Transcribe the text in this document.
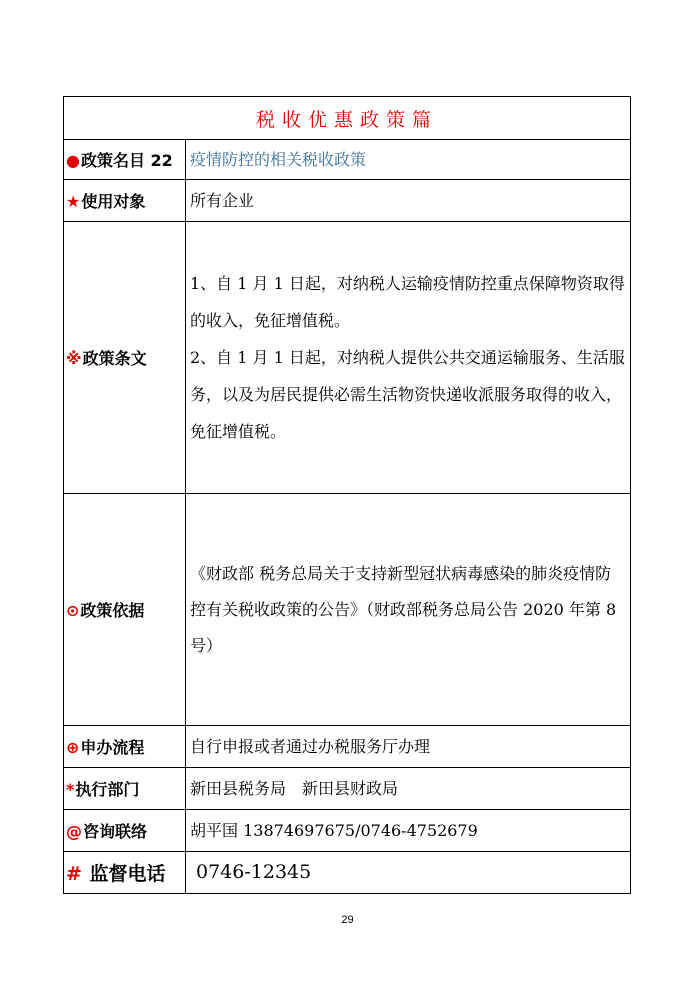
税收优惠政策篇	
●政策名目 22	疫情防控的相关税收政策
★使用对象	所有企业
※政策条文	1、自 1 月 1 日起，对纳税人运输疫情防控重点保障物资取得的收入，免征增值税。

2、自 1 月 1 日起，对纳税人提供公共交通运输服务、生活服务，以及为居民提供必需生活物资快递收派服务取得的收入，免征增值税。

⊙政策依据	《财政部 税务总局关于支持新型冠状病毒感染的肺炎疫情防控有关税收政策的公告》（财政部税务总局公告 2020 年第 8 号）

⊕申办流程	自行申报或者通过办税服务厅办理
*执行部门	新田县税务局　新田县财政局
@咨询联络	胡平国 13874697675/0746-4752679
# 监督电话	0746-12345
29
